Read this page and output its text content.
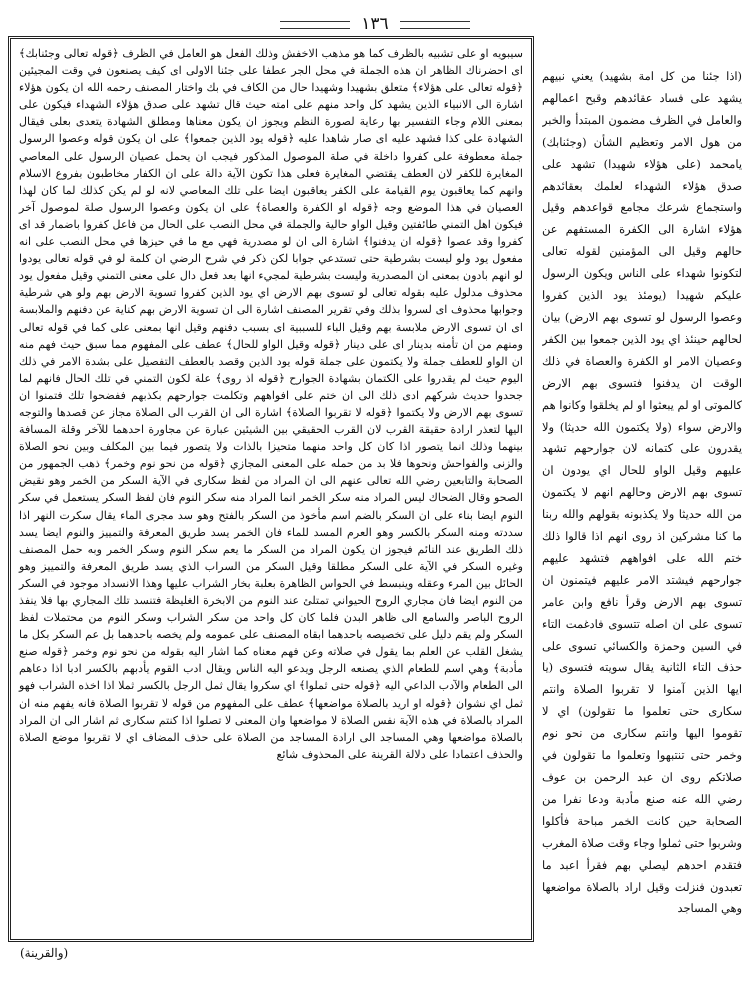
١٣٦

سيبويه او على تشبيه بالظرف كما هو مذهب الاخفش وذلك الفعل هو العامل في الظرف ﴿قوله تعالى وجئنابك﴾ اى احضرناك الظاهر ان هذه الجملة في محل الجر عطفا على جئنا الاولى اى كيف يصنعون في وقت المجيئين ﴿قوله تعالى على هؤلاء﴾ متعلق بشهيدا وشهيدا حال من الكاف في بك واختار المصنف رحمه الله ان يكون هؤلاء اشارة الى الانبياء الذين يشهد كل واحد منهم على امته حيث قال تشهد على صدق هؤلاء الشهداء فيكون على بمعنى اللام وجاء التفسير بها رعاية لصورة النظم ويجوز ان يكون معناها ومطلق الشهادة يتعدى بعلى فيقال الشهادة على كذا فشهد عليه اى صار شاهدا عليه ﴿قوله يود الذين جمعوا﴾ على ان يكون قوله وعصوا الرسول جملة معطوفة على كفروا داخلة في صلة الموصول المذكور فيجب ان يحمل عصيان الرسول على المعاصي المغايرة للكفر لان العطف يقتضي المغايرة فعلى هذا تكون الآية دالة على ان الكفار مخاطبون بفروع الاسلام وانهم كما يعاقبون يوم القيامة على الكفر يعاقبون ايضا على تلك المعاصي لانه لو لم يكن كذلك لما كان لهذا العصيان في هذا الموضع وجه ﴿قوله او الكفرة والعصاة﴾ على ان يكون وعصوا الرسول صلة لموصول آخر فيكون اهل التمني طائفتين وقيل الواو حالية والجملة في محل النصب على الحال من فاعل كفروا باضمار قد اى كفروا وقد عصوا ﴿قوله ان يدفنوا﴾ اشارة الى ان لو مصدرية فهي مع ما في حيزها في محل النصب على انه مفعول يود ولو ليست بشرطية حتى تستدعي جوابا لكن ذكر في شرح الرضي ان كلمة لو في قوله تعالى يودوا لو انهم بادون بمعنى ان المصدرية وليست بشرطية لمجيء انها بعد فعل دال على معنى التمني وقيل مفعول يود محذوف مدلول عليه بقوله تعالى لو تسوى بهم الارض اي يود الذين كفروا تسوية الارض بهم ولو هي شرطية وجوابها محذوف اى لسروا بذلك وفي تقرير المصنف اشارة الى ان تسوية الارض بهم كناية عن دفنهم والملابسة اى ان تسوى الارض ملابسة بهم وقيل الباء للسببية اى بسبب دفنهم وقيل انها بمعنى على كما في قوله تعالى ومنهم من ان تأمنه بدينار اى على دينار ﴿قوله وقيل الواو للحال﴾ عطف على المفهوم مما سبق حيث فهم منه ان الواو للعطف جملة ولا يكتمون على جملة قوله يود الذين وقصد بالعطف التفصيل على بشدة الامر في ذلك اليوم حيث لم يقدروا على الكتمان بشهادة الجوارح ﴿قوله اذ روى﴾ علة لكون التمني في تلك الحال فانهم لما جحدوا حديث شركهم ادى ذلك الى ان ختم على افواههم وتكلمت جوارحهم بكذبهم ففضحوا تلك فتمنوا ان تسوى بهم الارض ولا يكتموا ﴿قوله لا تقربوا الصلاة﴾ اشارة الى ان القرب الى الصلاة مجاز عن قصدها والتوجه اليها لتعذر ارادة حقيقة القرب لان القرب الحقيقي بين الشيئين عبارة عن مجاورة احدهما للآخر وقلة المسافة بينهما وذلك انما يتصور اذا كان كل واحد منهما متحيزا بالذات ولا يتصور فيما بين المكلف وبين نحو الصلاة والزنى والفواحش ونحوها فلا بد من حمله على المعنى المجازي ﴿قوله من نحو نوم وخمر﴾ ذهب الجمهور من الصحابة والتابعين رضي الله تعالى عنهم الى ان المراد من لفظ سكارى في الآية السكر من الخمر وهو نقيض الصحو وقال الضحاك ليس المراد منه سكر الخمر انما المراد منه سكر النوم فان لفظ السكر يستعمل في سكر النوم ايضا بناء على ان السكر بالضم اسم مأخوذ من السكر بالفتح وهو سد مجرى الماء يقال سكرت النهر اذا سددته ومنه السكر بالكسر وهو العرم المسد للماء فان الخمر يسد طريق المعرفة والتمييز والنوم ايضا يسد ذلك الطريق عند النائم فيجوز ان يكون المراد من السكر ما يعم سكر النوم وسكر الخمر وبه حمل المصنف وغيره السكر في الآية على السكر مطلقا وقيل السكر من السراب الذي يسد طريق المعرفة والتمييز وهو الحائل بين المرء وعقله وينبسط في الحواس الظاهرة بعلبة بخار الشراب عليها وهذا الانسداد موجود في السكر من النوم ايضا فان مجاري الروح الحيواني تمتلئ عند النوم من الابخرة الغليظة فتنسد تلك المجاري بها فلا ينفذ الروح الباصر والسامع الى ظاهر البدن فلما كان كل واحد من سكر الشراب وسكر النوم من محتملات لفظ السكر ولم يقم دليل على تخصيصه باحدهما ابقاه المصنف على عمومه ولم يخصه باحدهما بل عم السكر بكل ما يشغل القلب عن العلم بما يقول في صلاته وعن فهم معناه كما اشار اليه بقوله من نحو نوم وخمر ﴿قوله صنع مأدبة﴾ وهي اسم للطعام الذي يصنعه الرجل ويدعو اليه الناس ويقال ادب القوم يأدبهم بالكسر ادبا اذا دعاهم الى الطعام والآدب الداعي اليه ﴿قوله حتى ثملوا﴾ اي سكروا يقال ثمل الرجل بالكسر ثملا اذا اخذه الشراب فهو ثمل اي نشوان ﴿قوله او اريد بالصلاة مواضعها﴾ عطف على المفهوم من قوله لا تقربوا الصلاة فانه يفهم منه ان المراد بالصلاة في هذه الآية نفس الصلاة لا مواضعها وان المعنى لا تصلوا اذا كنتم سكارى ثم اشار الى ان المراد بالصلاة مواضعها وهي المساجد الى ارادة المساجد من الصلاة على حذف المضاف اي لا تقربوا موضع الصلاة والحذف اعتمادا على دلالة القرينة على المحذوف شائع

(اذا جئنا من كل امة بشهيد) يعني نبيهم يشهد على فساد عقائدهم وقبح اعمالهم والعامل في الظرف مضمون المبتدأ والخبر من هول الامر وتعظيم الشأن (وجئنابك) يامحمد (على هؤلاء شهيدا) تشهد على صدق هؤلاء الشهداء لعلمك بعقائدهم واستجماع شرعك مجامع قواعدهم وقيل هؤلاء اشارة الى الكفرة المستفهم عن حالهم وقيل الى المؤمنين لقوله تعالى لتكونوا شهداء على الناس ويكون الرسول عليكم شهيدا (يومئذ يود الذين كفروا وعصوا الرسول لو تسوى بهم الارض) بيان لحالهم حينئذ اي يود الذين جمعوا بين الكفر وعصيان الامر او الكفرة والعصاة في ذلك الوقت ان يدفنوا فتسوى بهم الارض كالموتى او لم يبعثوا او لم يخلقوا وكانوا هم والارض سواء (ولا يكتمون الله حديثا) ولا يقدرون على كتمانه لان جوارحهم تشهد عليهم وقيل الواو للحال اي يودون ان تسوى بهم الارض وحالهم انهم لا يكتمون من الله حديثا ولا يكذبونه بقولهم والله ربنا ما كنا مشركين اذ روى انهم اذا قالوا ذلك ختم الله على افواههم فتشهد عليهم جوارحهم فيشتد الامر عليهم فيتمنون ان تسوى بهم الارض وقرأ نافع وابن عامر تسوى على ان اصله تتسوى فادغمت التاء في السين وحمزة والكسائي تسوى على حذف التاء الثانية يقال سويته فتسوى (يا ايها الذين آمنوا لا تقربوا الصلاة وانتم سكارى حتى تعلموا ما تقولون) اي لا تقوموا اليها وانتم سكارى من نحو نوم وخمر حتى تنتبهوا وتعلموا ما تقولون في صلاتكم روى ان عبد الرحمن بن عوف رضي الله عنه صنع مأدبة ودعا نفرا من الصحابة حين كانت الخمر مباحة فأكلوا وشربوا حتى ثملوا وجاء وقت صلاة المغرب فتقدم احدهم ليصلي بهم فقرأ اعبد ما تعبدون فنزلت وقيل اراد بالصلاة مواضعها وهي المساجد

(والقرينة)
